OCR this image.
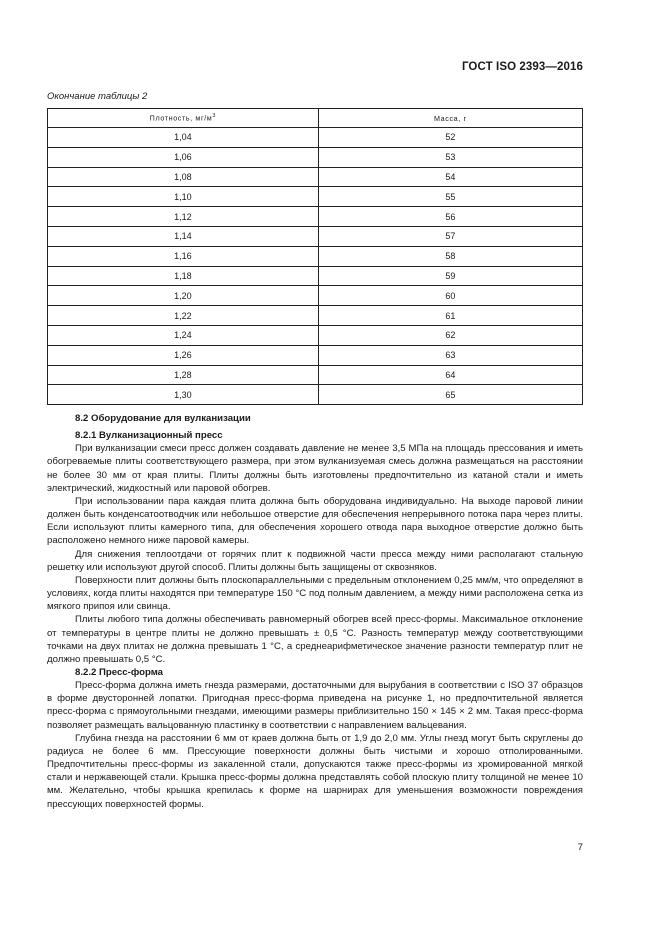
ГОСТ ISO 2393—2016
Окончание таблицы 2
Плотность, $мг/м^3$	Масса, г
1,04	52
1,06	53
1,08	54
1,10	55
1,12	56
1,14	57
1,16	58
1,18	59
1,20	60
1,22	61
1,24	62
1,26	63
1,28	64
1,30	65
8.2 Оборудование для вулканизации
8.2.1 Вулканизационный пресс

При вулканизации смеси пресс должен создавать давление не менее 3,5 МПа на площадь прессования и иметь обогреваемые плиты соответствующего размера, при этом вулканизуемая смесь должна размещаться на расстоянии не более 30 мм от края плиты. Плиты должны быть изготовлены предпочтительно из катаной стали и иметь электрический, жидкостный или паровой обогрев.

При использовании пара каждая плита должна быть оборудована индивидуально. На выходе паровой линии должен быть конденсатоотводчик или небольшое отверстие для обеспечения непрерывного потока пара через плиты. Если используют плиты камерного типа, для обеспечения хорошего отвода пара выходное отверстие должно быть расположено немного ниже паровой камеры.

Для снижения теплоотдачи от горячих плит к подвижной части пресса между ними располагают стальную решетку или используют другой способ. Плиты должны быть защищены от сквозняков.

Поверхности плит должны быть плоскопараллельными с предельным отклонением 0,25 мм/м, что определяют в условиях, когда плиты находятся при температуре 150 °С под полным давлением, а между ними расположена сетка из мягкого припоя или свинца.

Плиты любого типа должны обеспечивать равномерный обогрев всей пресс-формы. Максимальное отклонение от температуры в центре плиты не должно превышать ± 0,5 °С. Разность температур между соответствующими точками на двух плитах не должна превышать 1 °С, а среднеарифметическое значение разности температур плит не должно превышать 0,5 °С.

8.2.2 Пресс-форма

Пресс-форма должна иметь гнезда размерами, достаточными для вырубания в соответствии с ISO 37 образцов в форме двусторонней лопатки. Пригодная пресс-форма приведена на рисунке 1, но предпочтительной является пресс-форма с прямоугольными гнездами, имеющими размеры приблизительно 150 × 145 × 2 мм. Такая пресс-форма позволяет размещать вальцованную пластинку в соответствии с направлением вальцевания.

Глубина гнезда на расстоянии 6 мм от краев должна быть от 1,9 до 2,0 мм. Углы гнезд могут быть скруглены до радиуса не более 6 мм. Прессующие поверхности должны быть чистыми и хорошо отполированными. Предпочтительны пресс-формы из закаленной стали, допускаются также пресс-формы из хромированной мягкой стали и нержавеющей стали. Крышка пресс-формы должна представлять собой плоскую плиту толщиной не менее 10 мм. Желательно, чтобы крышка крепилась к форме на шарнирах для уменьшения возможности повреждения прессующих поверхностей формы.

7
